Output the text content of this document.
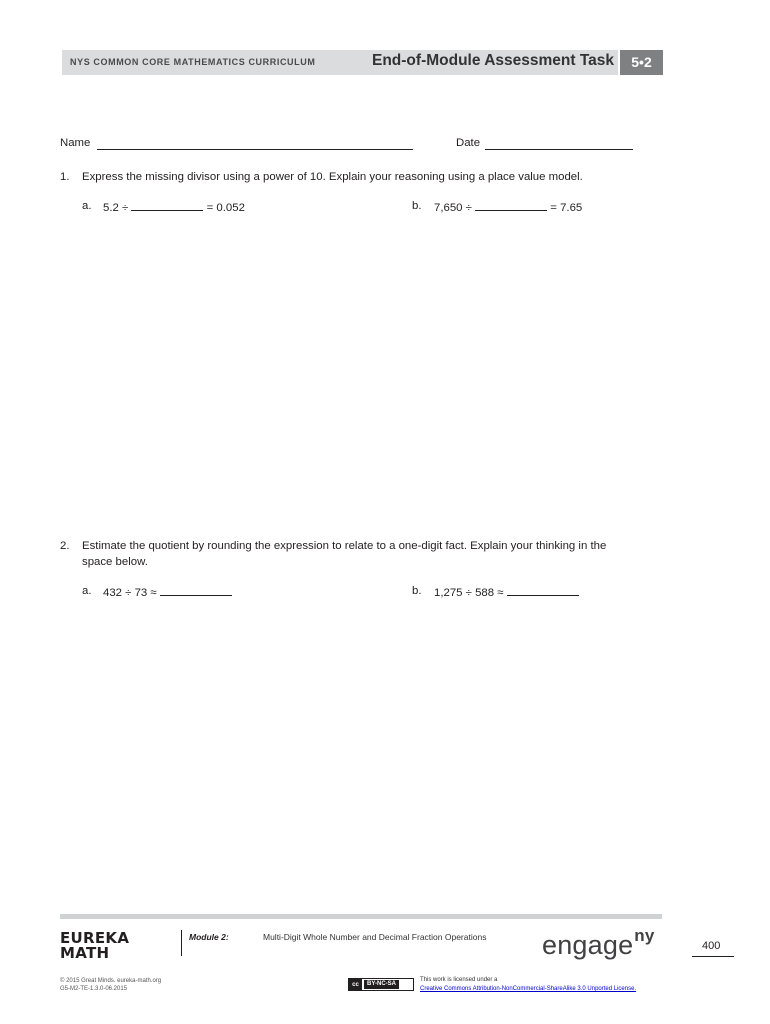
NYS COMMON CORE MATHEMATICS CURRICULUM	End-of-Module Assessment Task	5•2
Name	Date
1. Express the missing divisor using a power of 10. Explain your reasoning using a place value model.
a. 5.2 ÷	= 0.052	b. 7,650 ÷	= 7.65
2. Estimate the quotient by rounding the expression to relate to a one-digit fact. Explain your thinking in the
space below.
a. 432 ÷ 73 ≈	b. 1,275 ÷ 588 ≈
EUREKA
MATH
Module 2:	Multi-Digit Whole Number and Decimal Fraction Operations engage$^{ny}$
400
© 2015 Great Minds. eureka-math.org
G5-M2-TE-1.3.0-06.2015
cc	BY-NC-SA
This work is licensed under a
Creative Commons Attribution-NonCommercial-ShareAlike 3.0 Unported License.
